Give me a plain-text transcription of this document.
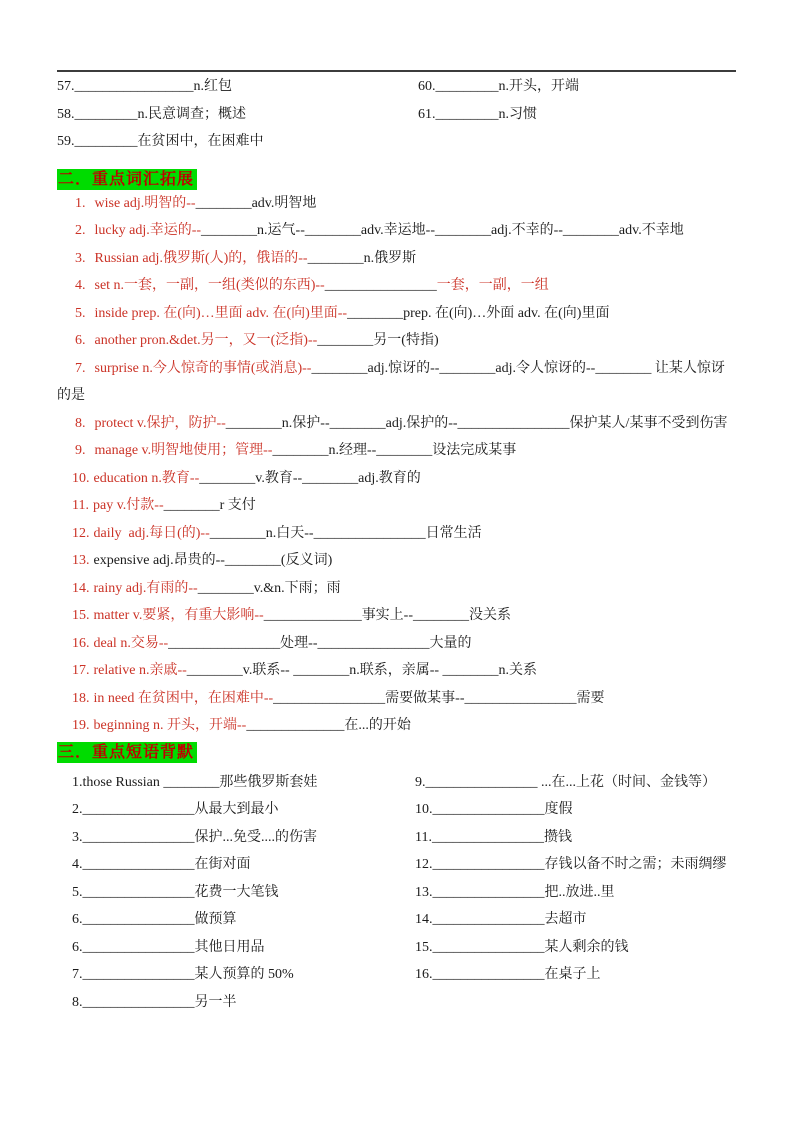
57._________________n.红包
58._________n.民意调查；概述
59._________在贫困中，在困难中
60._________n.开头，开端
61._________n.习惯
二．重点词汇拓展
1. wise adj.明智的--________adv.明智地
2. lucky adj.幸运的--________n.运气--________adv.幸运地--________adj.不幸的--________adv.不幸地
3. Russian adj.俄罗斯(人)的，俄语的--________n.俄罗斯
4. set n.一套，一副，一组(类似的东西)--________________一套，一副，一组
5. inside prep. 在(向)…里面 adv. 在(向)里面--________prep. 在(向)…外面 adv. 在(向)里面
6. another pron.&det.另一，又一(泛指)--________另一(特指)
7. surprise n.今人惊奇的事情(或消息)--________adj.惊讶的--________adj.令人惊讶的--________ 让某人惊讶的是
8. protect v.保护，防护--________n.保护--________adj.保护的--________________保护某人/某事不受到伤害
9. manage v.明智地使用；管理--________n.经理--________设法完成某事
10. education n.教育--________v.教育--________adj.教育的
11. pay v.付款--________r 支付
12. daily  adj.每日(的)--________n.白天--________________日常生活
13. expensive adj.昂贵的--________(反义词)
14. rainy adj.有雨的--________v.&n.下雨；雨
15. matter v.要紧，有重大影响--______________事实上--________没关系
16. deal n.交易--________________处理--________________大量的
17. relative n.亲戚--________v.联系-- ________n.联系，亲属-- ________n.关系
18. in need 在贫困中，在困难中--________________需要做某事--________________需要
19. beginning n. 开头，开端--______________在...的开始
三．重点短语背默
1.those Russian ________那些俄罗斯套娃
2.________________从最大到最小
3.________________保护...免受....的伤害
4.________________在街对面
5.________________花费一大笔钱
6.________________做预算
6.________________其他日用品
7.________________某人预算的 50%
8.________________另一半
9.________________ ...在...上花（时间、金钱等）
10.________________度假
11.________________攒钱
12.________________存钱以备不时之需；未雨绸缪
13.________________把..放进..里
14.________________去超市
15.________________某人剩余的钱
16.________________在桌子上
